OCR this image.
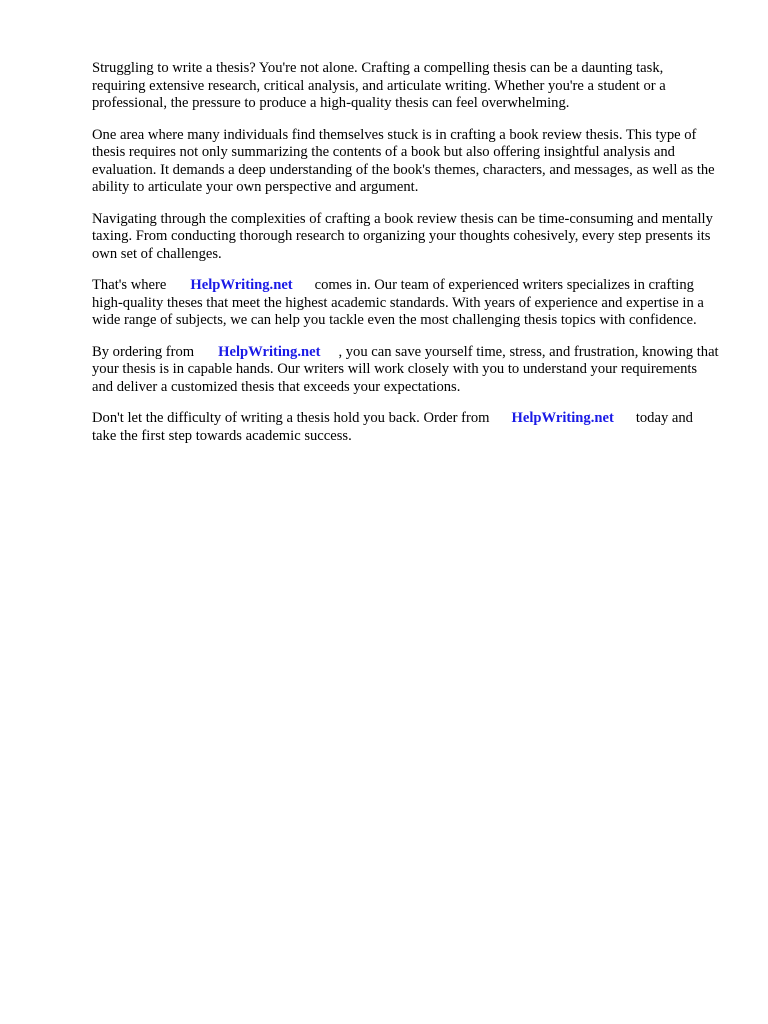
Struggling to write a thesis? You're not alone. Crafting a compelling thesis can be a daunting task, requiring extensive research, critical analysis, and articulate writing. Whether you're a student or a professional, the pressure to produce a high-quality thesis can feel overwhelming.

One area where many individuals find themselves stuck is in crafting a book review thesis. This type of thesis requires not only summarizing the contents of a book but also offering insightful analysis and evaluation. It demands a deep understanding of the book's themes, characters, and messages, as well as the ability to articulate your own perspective and argument.

Navigating through the complexities of crafting a book review thesis can be time-consuming and mentally taxing. From conducting thorough research to organizing your thoughts cohesively, every step presents its own set of challenges.

That's where HelpWriting.net comes in. Our team of experienced writers specializes in crafting high-quality theses that meet the highest academic standards. With years of experience and expertise in a wide range of subjects, we can help you tackle even the most challenging thesis topics with confidence.

By ordering from HelpWriting.net , you can save yourself time, stress, and frustration, knowing that your thesis is in capable hands. Our writers will work closely with you to understand your requirements and deliver a customized thesis that exceeds your expectations.

Don't let the difficulty of writing a thesis hold you back. Order from HelpWriting.net today and take the first step towards academic success.
